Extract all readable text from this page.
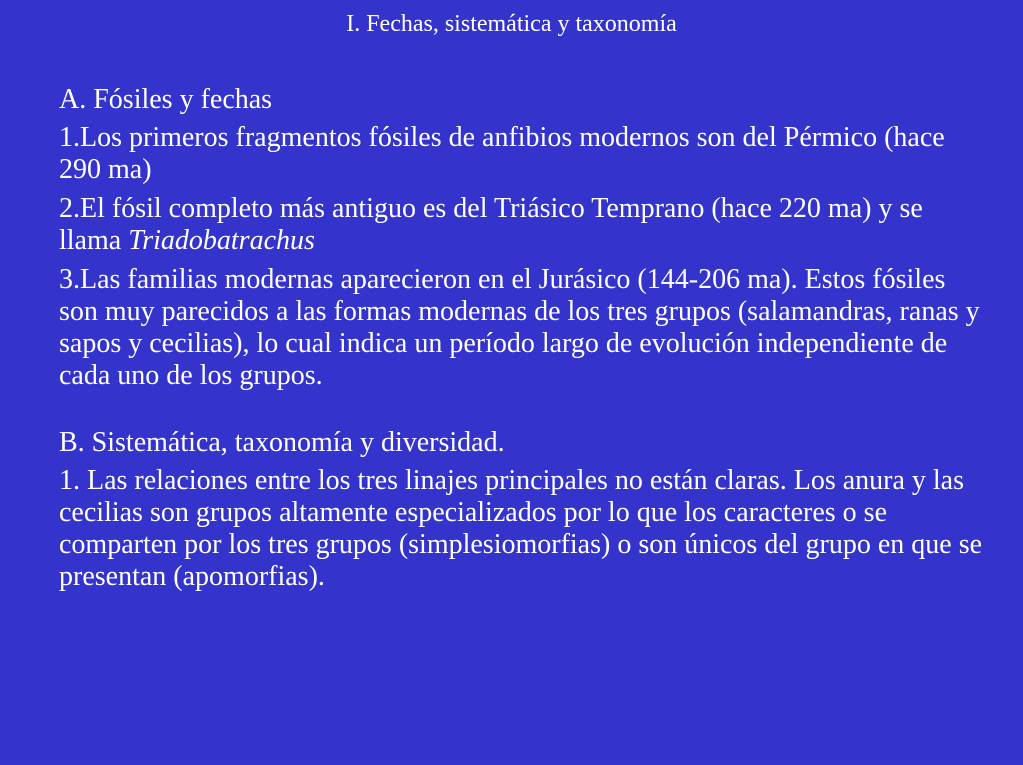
I. Fechas, sistemática y taxonomía

A. Fósiles y fechas

1.Los primeros fragmentos fósiles de anfibios modernos son del Pérmico (hace 290 ma)

2.El fósil completo más antiguo es del Triásico Temprano (hace 220 ma) y se llama Triadobatrachus

3.Las familias modernas aparecieron en el Jurásico (144-206 ma). Estos fósiles son muy parecidos a las formas modernas de los tres grupos (salamandras, ranas y sapos y cecilias), lo cual indica un período largo de evolución independiente de cada uno de los grupos.

B. Sistemática, taxonomía y diversidad.

1. Las relaciones entre los tres linajes principales no están claras. Los anura y las cecilias son grupos altamente especializados por lo que los caracteres o se comparten por los tres grupos (simplesiomorfias) o son únicos del grupo en que se presentan (apomorfias).
